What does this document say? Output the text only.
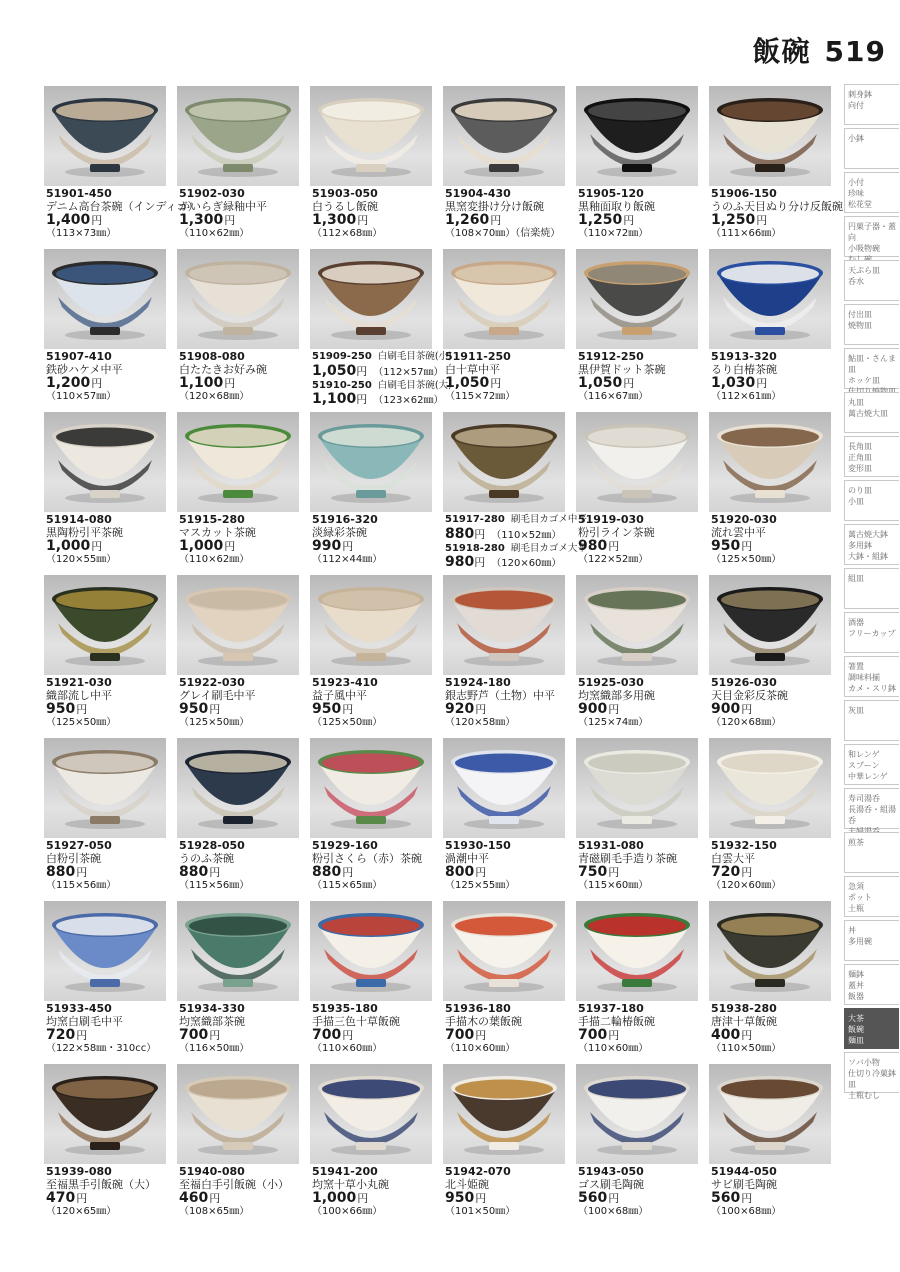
飯碗 519
51901-450
デニム高台茶碗（インディゴ）
1,400円
（113×73㎜）
51902-030
かいらぎ緑釉中平
1,300円
（110×62㎜）
51903-050
白うるし飯碗
1,300円
（112×68㎜）
51904-430
黒窯変掛け分け飯碗
1,260円
（108×70㎜）（信楽焼）
51905-120
黒釉面取り飯碗
1,250円
（110×72㎜）
51906-150
うのふ天目ぬり分け反飯碗
1,250円
（111×66㎜）
51907-410
鉄砂ハケメ中平
1,200円
（110×57㎜）
51908-080
白たたきお好み碗
1,100円
（120×68㎜）
51909-250 白刷毛目茶碗(小)
1,050円 （112×57㎜）
51910-250 白刷毛目茶碗(大)
1,100円 （123×62㎜）
51911-250
白十草中平
1,050円
（115×72㎜）
51912-250
黒伊賀ドット茶碗
1,050円
（116×67㎜）
51913-320
るり白椿茶碗
1,030円
（112×61㎜）
51914-080
黒陶粉引平茶碗
1,000円
（120×55㎜）
51915-280
マスカット茶碗
1,000円
（110×62㎜）
51916-320
淡緑彩茶碗
990円
（112×44㎜）
51917-280 刷毛目カゴメ中平
880円 （110×52㎜）
51918-280 刷毛目カゴメ大平
980円 （120×60㎜）
51919-030
粉引ライン茶碗
980円
（122×52㎜）
51920-030
流れ雲中平
950円
（125×50㎜）
51921-030
織部流し中平
950円
（125×50㎜）
51922-030
グレイ刷毛中平
950円
（125×50㎜）
51923-410
益子風中平
950円
（125×50㎜）
51924-180
銀志野芦（土物）中平
920円
（120×58㎜）
51925-030
均窯織部多用碗
900円
（125×74㎜）
51926-030
天目金彩反茶碗
900円
（120×68㎜）
51927-050
白粉引茶碗
880円
（115×56㎜）
51928-050
うのふ茶碗
880円
（115×56㎜）
51929-160
粉引さくら（赤）茶碗
880円
（115×65㎜）
51930-150
渦潮中平
800円
（125×55㎜）
51931-080
青磁刷毛手造り茶碗
750円
（115×60㎜）
51932-150
白雲大平
720円
（120×60㎜）
51933-450
均窯白刷毛中平
720円
（122×58㎜・310cc）
51934-330
均窯織部茶碗
700円
（116×50㎜）
51935-180
手描三色十草飯碗
700円
（110×60㎜）
51936-180
手描木の葉飯碗
700円
（110×60㎜）
51937-180
手描二輪椿飯碗
700円
（110×60㎜）
51938-280
唐津十草飯碗
400円
（110×50㎜）
51939-080
至福黒手引飯碗（大）
470円
（120×65㎜）
51940-080
至福白手引飯碗（小）
460円
（108×65㎜）
51941-200
均窯十草小丸碗
1,000円
（100×66㎜）
51942-070
北斗姫碗
950円
（101×50㎜）
51943-050
ゴス刷毛陶碗
560円
（100×68㎜）
51944-050
サビ刷毛陶碗
560円
（100×68㎜）
刺身鉢
向付
小鉢
小付
珍味
松花堂
円菓子器・蓋向
小吸物碗
天ぷら皿
呑水
付出皿
焼物皿
鮎皿・さんま皿
ホッケ皿
丸皿
萬古焼大皿
長角皿
正角皿
変形皿
のり皿
小皿
萬古焼大鉢
多用鉢
大鉢・組鉢
組皿
酒器
フリーカップ
箸置
調味料揃
カメ・スリ鉢
灰皿
和レンゲ
スプーン
中華レンゲ
寿司湯呑
長湯呑・組湯呑
煎茶
急須
ポット
土瓶
丼
多用碗
麺鉢
蓋丼
飯器
大茶
飯碗
麺皿
ソバ小物
仕切り冷菓鉢皿
土瓶むし
